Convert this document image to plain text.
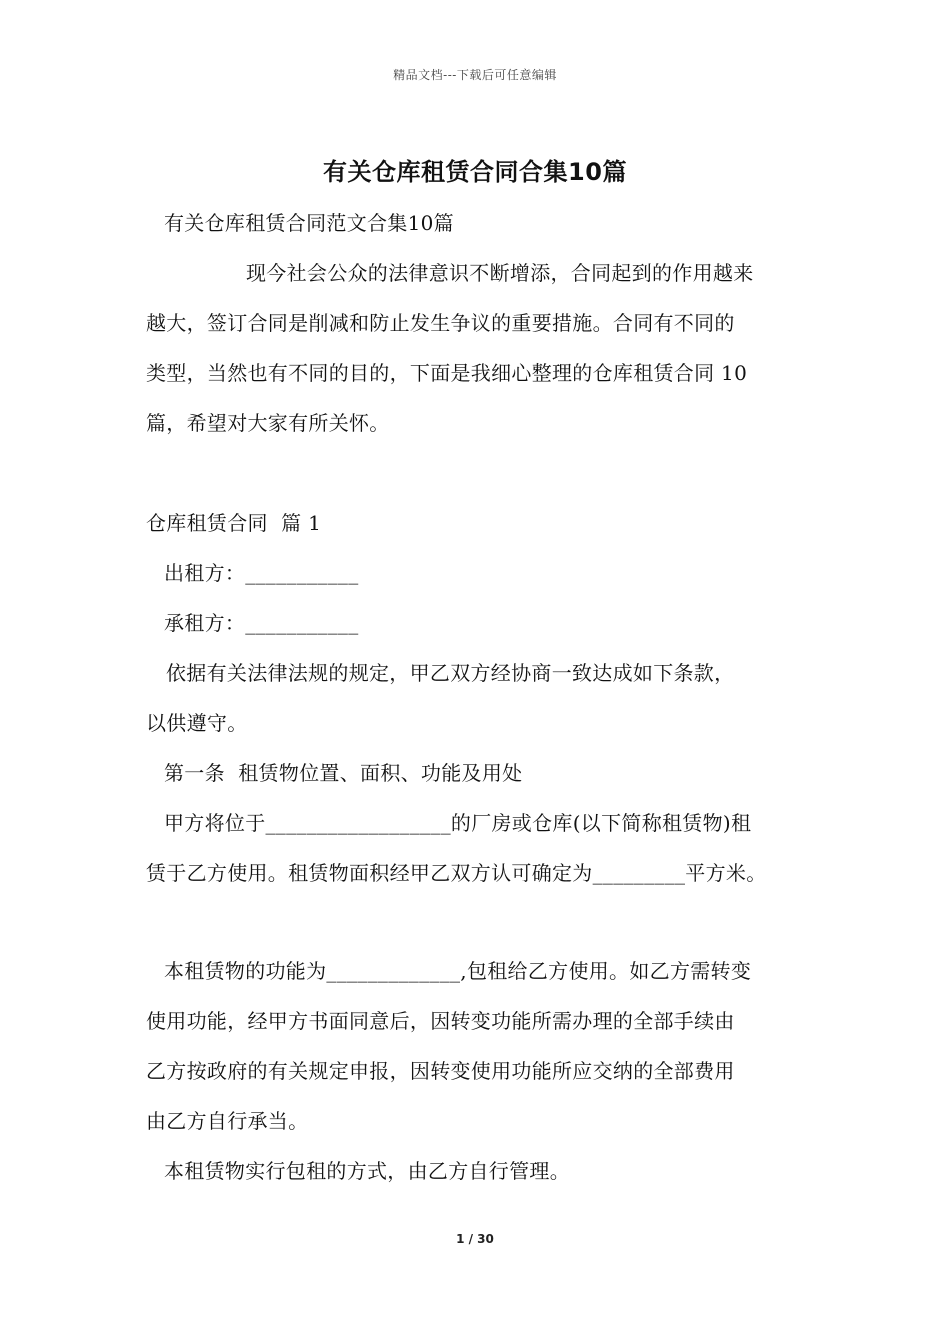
精品文档---下载后可任意编辑
有关仓库租赁合同合集10篇
有关仓库租赁合同范文合集10篇
现今社会公众的法律意识不断增添，合同起到的作用越来
越大，签订合同是削减和防止发生争议的重要措施。合同有不同的
类型，当然也有不同的目的，下面是我细心整理的仓库租赁合同 10
篇，希望对大家有所关怀。
仓库租赁合同  篇 1
出租方：___________
承租方：___________
依据有关法律法规的规定，甲乙双方经协商一致达成如下条款，
以供遵守。
第一条  租赁物位置、面积、功能及用处
甲方将位于__________________的厂房或仓库(以下简称租赁物)租
赁于乙方使用。租赁物面积经甲乙双方认可确定为_________平方米。
本租赁物的功能为_____________,包租给乙方使用。如乙方需转变
使用功能，经甲方书面同意后，因转变功能所需办理的全部手续由
乙方按政府的有关规定申报，因转变使用功能所应交纳的全部费用
由乙方自行承当。
本租赁物实行包租的方式，由乙方自行管理。
1 / 30
